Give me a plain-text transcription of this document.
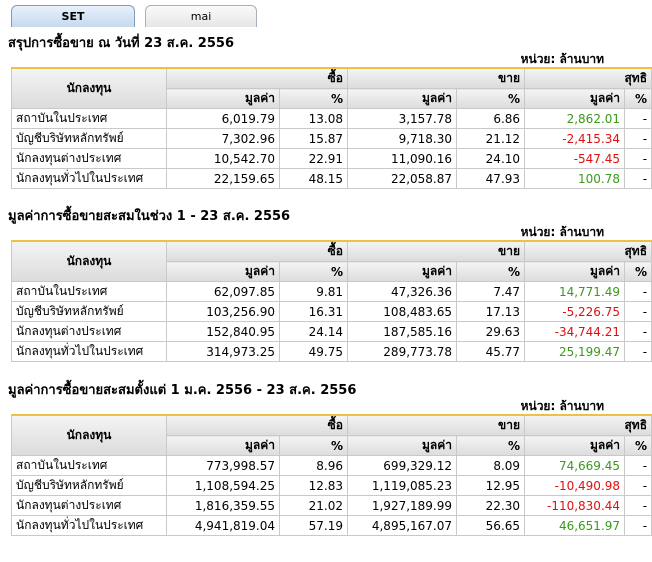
SET	mai
สรุปการซื้อขาย ณ วันที่ 23 ส.ค. 2556
หน่วย: ล้านบาท
นักลงทุน	ซื้อ		ขาย		สุทธิ	
	มูลค่า	%	มูลค่า	%	มูลค่า	%
สถาบันในประเทศ	6,019.79	13.08	3,157.78	6.86	2,862.01	-
บัญชีบริษัทหลักทรัพย์	7,302.96	15.87	9,718.30	21.12	-2,415.34	-
นักลงทุนต่างประเทศ	10,542.70	22.91	11,090.16	24.10	-547.45	-
นักลงทุนทั่วไปในประเทศ	22,159.65	48.15	22,058.87	47.93	100.78	-
มูลค่าการซื้อขายสะสมในช่วง 1 - 23 ส.ค. 2556
หน่วย: ล้านบาท
นักลงทุน	ซื้อ		ขาย		สุทธิ	
	มูลค่า	%	มูลค่า	%	มูลค่า	%
สถาบันในประเทศ	62,097.85	9.81	47,326.36	7.47	14,771.49	-
บัญชีบริษัทหลักทรัพย์	103,256.90	16.31	108,483.65	17.13	-5,226.75	-
นักลงทุนต่างประเทศ	152,840.95	24.14	187,585.16	29.63	-34,744.21	-
นักลงทุนทั่วไปในประเทศ	314,973.25	49.75	289,773.78	45.77	25,199.47	-
มูลค่าการซื้อขายสะสมตั้งแต่ 1 ม.ค. 2556 - 23 ส.ค. 2556
หน่วย: ล้านบาท
นักลงทุน	ซื้อ		ขาย		สุทธิ	
	มูลค่า	%	มูลค่า	%	มูลค่า	%
สถาบันในประเทศ	773,998.57	8.96	699,329.12	8.09	74,669.45	-
บัญชีบริษัทหลักทรัพย์	1,108,594.25	12.83	1,119,085.23	12.95	-10,490.98	-
นักลงทุนต่างประเทศ	1,816,359.55	21.02	1,927,189.99	22.30	-110,830.44	-
นักลงทุนทั่วไปในประเทศ	4,941,819.04	57.19	4,895,167.07	56.65	46,651.97	-
